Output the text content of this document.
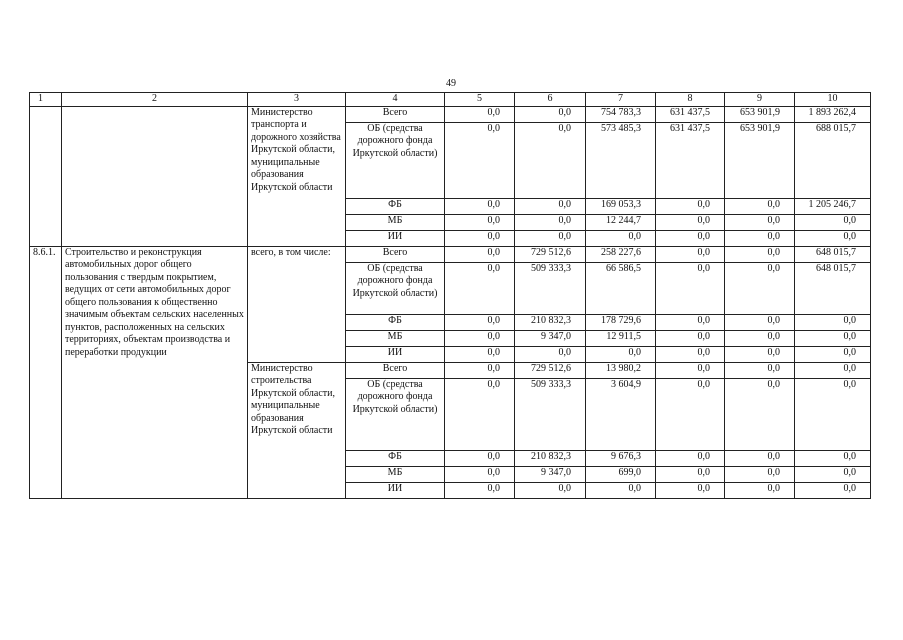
49
1	2	3	4	5	6	7	8	9	10
		Министерство транспорта и дорожного хозяйства Иркутской области, муниципальные образования Иркутской области	Всего	0,0	0,0	754 783,3	631 437,5	653 901,9	1 893 262,4
			ОБ (средства дорожного фонда Иркутской области)	0,0	0,0	573 485,3	631 437,5	653 901,9	688 015,7
			ФБ	0,0	0,0	169 053,3	0,0	0,0	1 205 246,7
			МБ	0,0	0,0	12 244,7	0,0	0,0	0,0
			ИИ	0,0	0,0	0,0	0,0	0,0	0,0
8.6.1.	Строительство и реконструкция автомобильных дорог общего пользования с твердым покрытием, ведущих от сети автомобильных дорог общего пользования к общественно значимым объектам сельских населенных пунктов, расположенных на сельских территориях, объектам производства и переработки продукции	всего, в том числе:	Всего	0,0	729 512,6	258 227,6	0,0	0,0	648 015,7
			ОБ (средства дорожного фонда Иркутской области)	0,0	509 333,3	66 586,5	0,0	0,0	648 015,7
			ФБ	0,0	210 832,3	178 729,6	0,0	0,0	0,0
			МБ	0,0	9 347,0	12 911,5	0,0	0,0	0,0
			ИИ	0,0	0,0	0,0	0,0	0,0	0,0
		Министерство строительства Иркутской области, муниципальные образования Иркутской области	Всего	0,0	729 512,6	13 980,2	0,0	0,0	0,0
			ОБ (средства дорожного фонда Иркутской области)	0,0	509 333,3	3 604,9	0,0	0,0	0,0
			ФБ	0,0	210 832,3	9 676,3	0,0	0,0	0,0
			МБ	0,0	9 347,0	699,0	0,0	0,0	0,0
			ИИ	0,0	0,0	0,0	0,0	0,0	0,0
